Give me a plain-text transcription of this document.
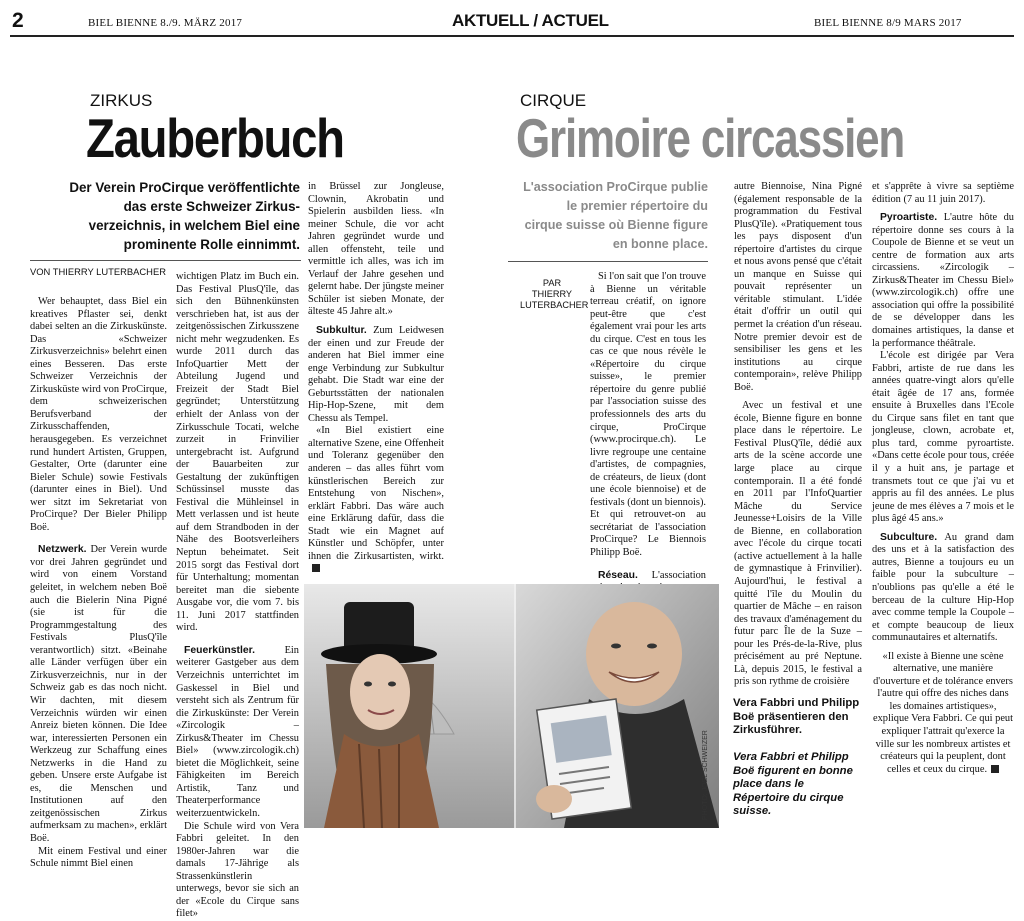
2	BIEL BIENNE 8./9. MÄRZ 2017	AKTUELL / ACTUEL	BIEL BIENNE 8/9 MARS 2017
ZIRKUS
Zauberbuch
Der Verein ProCirque veröffentlichte
das erste Schweizer Zirkus-
verzeichnis, in welchem Biel eine
prominente Rolle einnimmt.
VON THIERRY LUTERBACHER

Wer behauptet, dass Biel ein kreatives Pflaster sei, denkt dabei selten an die Zirkuskünste. Das «Schweizer Zirkusverzeichnis» belehrt einen eines Besseren. Das erste Schweizer Verzeichnis der Zirkusküste wird von ProCirque, dem schweizerischen Berufsverband der Zirkusschaffenden, herausgegeben. Es verzeichnet rund hundert Artisten, Gruppen, Gestalter, Orte (darunter eine Bieler Schule) sowie Festivals (darunter eines in Biel). Und wer sitzt im Sekretariat von ProCirque? Der Bieler Philipp Boë.

Netzwerk. Der Verein wurde vor drei Jahren gegründet und wird von einem Vorstand geleitet, in welchem neben Boë auch die Bielerin Nina Pigné (sie ist für die Programmgestaltung des Festivals PlusQ'île verantwortlich) sitzt. «Beinahe alle Länder verfügen über ein Zirkusverzeichnis, nur in der Schweiz gab es das noch nicht. Wir dachten, mit diesem Verzeichnis würden wir einen Anreiz bieten können. Die Idee war, interessierten Personen ein Werkzeug zur Schaffung eines Netzwerks in die Hand zu geben. Unsere erste Aufgabe ist es, die Menschen und Institutionen auf den zeitgenössischen Zirkus aufmerksam zu machen», erklärt Boë.

Mit einem Festival und einer Schule nimmt Biel einen

wichtigen Platz im Buch ein. Das Festival PlusQ'île, das sich den Bühnenkünsten verschrieben hat, ist aus der zeitgenössischen Zirkusszene nicht mehr wegzudenken. Es wurde 2011 durch das InfoQuartier Mett der Abteilung Jugend und Freizeit der Stadt Biel gegründet; Unterstützung erhielt der Anlass von der Zirkusschule Tocati, welche zurzeit in Frinvilier untergebracht ist. Aufgrund der Bauarbeiten zur Gestaltung der zukünftigen Schüssinsel musste das Festival die Mühleinsel in Mett verlassen und ist heute auf dem Strandboden in der Nähe des Bootsverleihers Neptun beheimatet. Seit 2015 sorgt das Festival dort für Unterhaltung; momentan bereitet man die siebente Ausgabe vor, die vom 7. bis 11. Juni 2017 stattfinden wird.

Feuerkünstler.	Ein weiterer Gastgeber aus dem Verzeichnis unterrichtet im Gaskessel in Biel und versteht sich als Zentrum für die Zirkuskünste: Der Verein «Zircologik – Zirkus&Theater im Chessu Biel» (www.zircologik.ch) bietet die Möglichkeit, seine Fähigkeiten im Bereich Artistik, Tanz und Theaterperformance weiterzuentwickeln.

Die Schule wird von Vera Fabbri geleitet. In den 1980er-Jahren war die damals 17-Jährige als Strassenkünstlerin unterwegs, bevor sie sich an der «Ecole du Cirque sans filet»

in Brüssel zur Jongleuse, Clownin, Akrobatin und Spielerin ausbilden liess. «In meiner Schule, die vor acht Jahren gegründet wurde und allen offensteht, teile und vermittle ich alles, was ich im Verlauf der Jahre gesehen und gelernt habe. Der jüngste meiner Schüler ist sieben Monate, der älteste 45 Jahre alt.»

Subkultur. Zum Leidwesen der einen und zur Freude der anderen hat Biel immer eine enge Verbindung zur Subkultur gehabt. Die Stadt war eine der Geburtsstätten der nationalen Hip-Hop-Szene, mit dem Chessu als Tempel.

«In Biel existiert eine alternative Szene, eine Offenheit und Toleranz gegenüber den anderen – das alles führt vom künstlerischen Bereich zur Entstehung von Nischen», erklärt Fabbri. Das wäre auch eine Erklärung dafür, dass die Stadt wie ein Magnet auf Künstler und Schöpfer, unter ihnen die Zirkusartisten, wirkt.

CIRQUE
Grimoire circassien
L'association ProCirque publie
le premier répertoire du
cirque suisse où Bienne figure
en bonne place.
PAR
THIERRY
LUTERBACHER

Si l'on sait que l'on trouve à Bienne un véritable terreau créatif, on ignore peut-être que c'est également vrai pour les arts du cirque. C'est en tous les cas ce que nous révèle le «Répertoire du cirque suisse», le premier répertoire du genre publié par l'association suisse des professionnels des arts du cirque, ProCirque (www.procirque.ch). Le livre regroupe une centaine d'artistes, de compagnies, de créateurs, de lieux (dont une école biennoise) et de festivals (dont un biennois). Et qui retrouvet-on au secrétariat de l'association ProCirque? Le Biennois Philipp Boë.

Réseau. L'association

autre Biennoise, Nina Pigné (également responsable de la programmation du Festival PlusQ'île). «Pratiquement tous les pays disposent d'un répertoire d'artistes du cirque et nous avons pensé que c'était un manque en Suisse qui pouvait représenter un véritable stimulant. L'idée était d'offrir un outil qui permet la création d'un réseau. Notre premier devoir est de sensibiliser les gens et les institutions au cirque contemporain», relève Philipp Boë.

Avec un festival et une école, Bienne figure en bonne place dans le répertoire. Le Festival PlusQ'île, dédié aux arts de la scène accorde une large place au cirque contemporain. Il a été fondé en 2011 par l'InfoQuartier Mâche du Service Jeunesse+Loisirs de la Ville de Bienne, en collaboration avec l'école du cirque tocati (active actuellement à la halle de gymnastique à Frinvilier). Aujourd'hui, le festival a quitté l'île du Moulin du quartier de Mâche – en raison des travaux d'aménagement du futur parc Île de la Suze – pour les Prés-de-la-Rive, plus précisément au pré Neptune. Là, depuis 2015, le festival a pris son rythme de croisière

et s'apprête à vivre sa septième édition (7 au 11 juin 2017).

Pyroartiste. L'autre hôte du répertoire donne ses cours à la Coupole de Bienne et se veut un centre de formation aux arts circassiens. «Zircologik – Zirkus&Theater im Chessu Biel» (www.zircologik.ch) offre une association qui offre la possibilité de se développer dans les domaines artistiques, la danse et la performance théâtrale.

L'école est dirigée par Vera Fabbri, artiste de rue dans les années quatre-vingt alors qu'elle était âgée de 17 ans, formée ensuite à Bruxelles dans l'Ecole du Cirque sans filet en tant que jongleuse, clown, acrobate et, plus tard, comme pyroartiste. «Dans cette école pour tous, créée il y a huit ans, je partage et transmets tout ce que j'ai vu et appris au fil des années. Le plus jeune de mes élèves a 7 mois et le plus âgé 45 ans.»

Subculture. Au grand dam des uns et à la satisfaction des autres, Bienne a toujours eu un faible pour la subculture – n'oublions pas qu'elle a été le berceau de la culture Hip-Hop avec comme temple la Coupole – et compte beaucoup de lieux communautaires et alternatifs.

«Il existe à Bienne une scène alternative, une manière d'ouverture et de tolérance envers l'autre qui offre des niches dans les domaines artistiques», explique Vera Fabbri. Ce qui peut expliquer l'attrait qu'exerce la ville sur les nombreux artistes et créateurs qui la peuplent, dont celles et ceux du cirque.

PHOTO: JOEL SCHWEIZER
Vera Fabbri und Philipp Boë präsentieren den Zirkusführer.
Vera Fabbri et Philipp Boë figurent en bonne place dans le Répertoire du cirque suisse.
